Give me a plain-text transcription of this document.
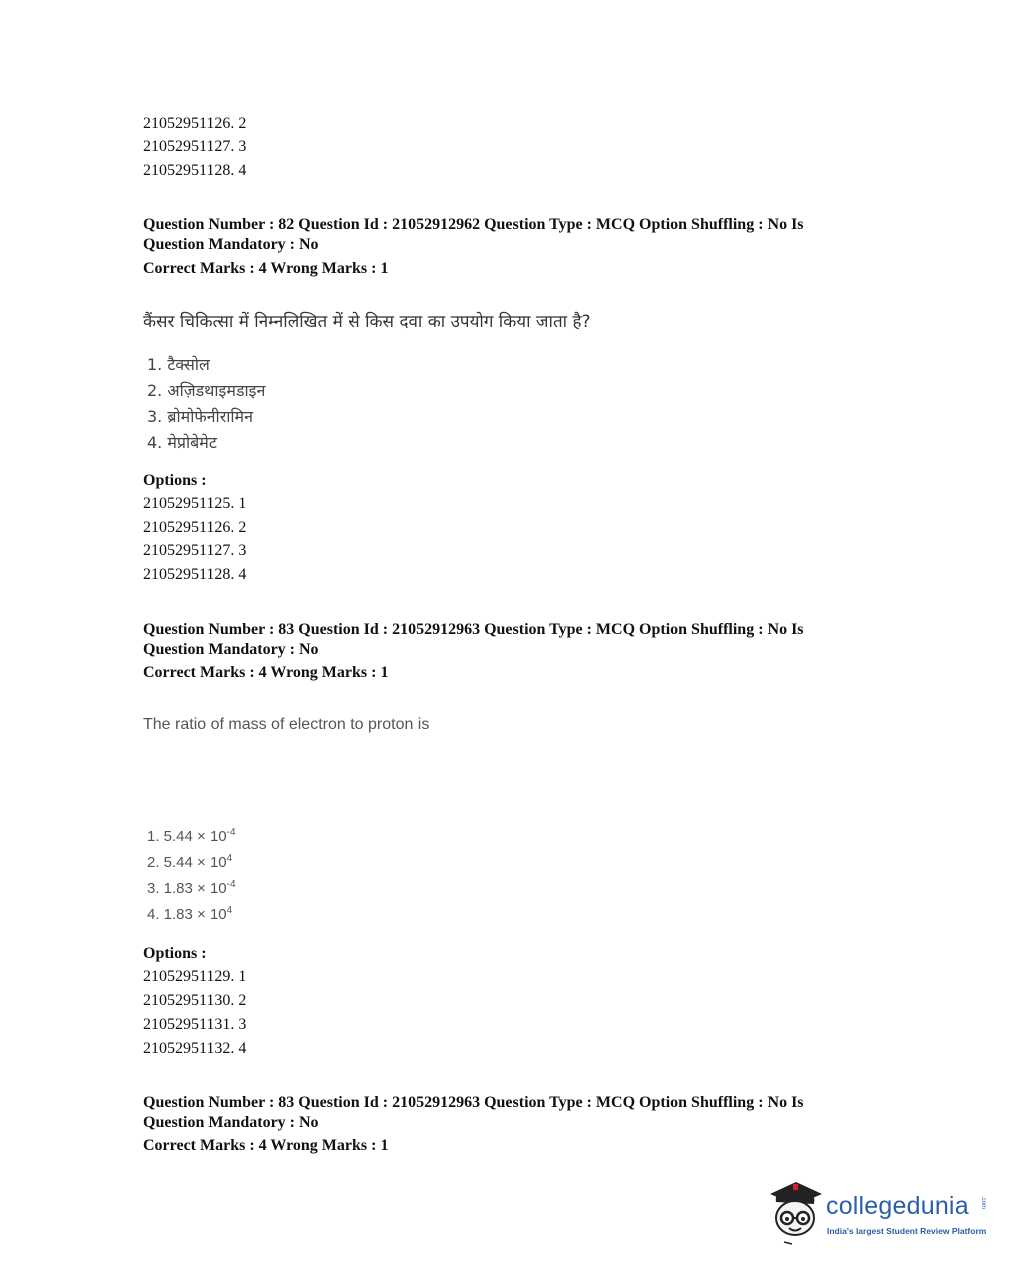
21052951126. 2
21052951127. 3
21052951128. 4
Question Number : 82 Question Id : 21052912962 Question Type : MCQ Option Shuffling : No Is
Question Mandatory : No
Correct Marks : 4 Wrong Marks : 1
कैंसर चिकित्सा में निम्नलिखित में से किस दवा का उपयोग किया जाता है?
1. टैक्सोल
2. अज़िडथाइमडाइन
3. ब्रोमोफेनीरामिन
4. मेप्रोबेमेट
Options :
21052951125. 1
21052951126. 2
21052951127. 3
21052951128. 4
Question Number : 83 Question Id : 21052912963 Question Type : MCQ Option Shuffling : No Is
Question Mandatory : No
Correct Marks : 4 Wrong Marks : 1
The ratio of mass of electron to proton is
1. $5.44 \times 10^{-4}$
2. $5.44 \times 10^4$
3. $1.83 \times 10^{-4}$
4. $1.83 \times 10^4$
Options :
21052951129. 1
21052951130. 2
21052951131. 3
21052951132. 4
Question Number : 83 Question Id : 21052912963 Question Type : MCQ Option Shuffling : No Is
Question Mandatory : No
Correct Marks : 4 Wrong Marks : 1
collegedunia .com
India's largest Student Review Platform
